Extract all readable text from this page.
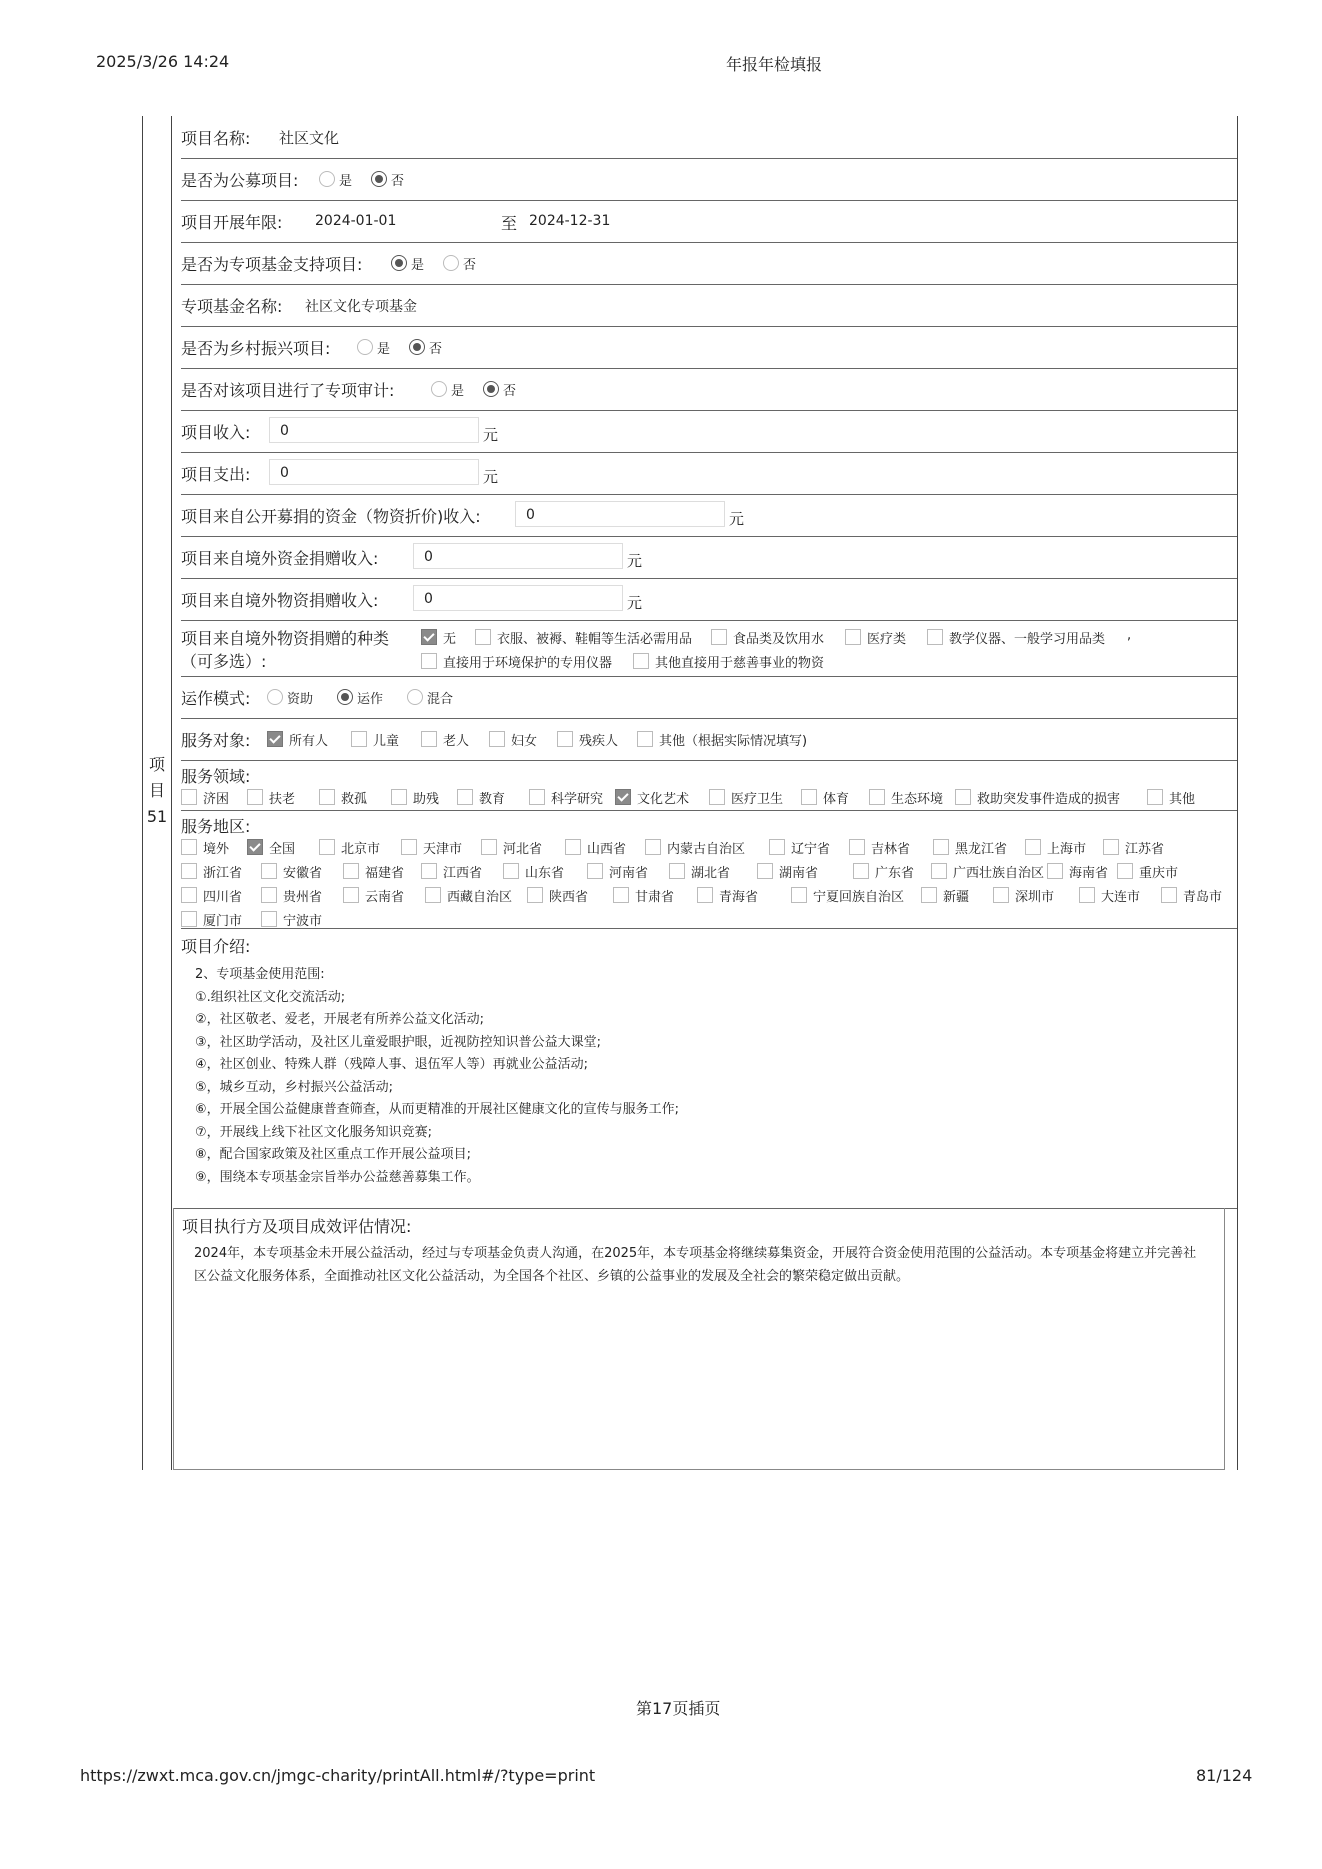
2025/3/26 14:24	年报年检填报
项
目
51
项目名称: 社区文化
是否为公募项目:	是	否
项目开展年限: 2024-01-01	至 2024-12-31
是否为专项基金支持项目:	是	否
专项基金名称: 社区文化专项基金
是否为乡村振兴项目:	是	否
是否对该项目进行了专项审计:	是	否
项目收入:	0	元
项目支出:	0	元
项目来自公开募捐的资金（物资折价)收入:	0	元
项目来自境外资金捐赠收入:	0	元
项目来自境外物资捐赠收入:	0	元
项目来自境外物资捐赠的种类
（可多选）:
无	衣服、被褥、鞋帽等生活必需用品	食品类及饮用水	医疗类	教学仪器、一般学习用品类 ,
直接用于环境保护的专用仪器	其他直接用于慈善事业的物资
运作模式:	资助	运作	混合
服务对象:	所有人	儿童	老人	妇女	残疾人	其他（根据实际情况填写)
服务领域:
济困	扶老	救孤	助残	教育	科学研究	文化艺术	医疗卫生	体育	生态环境	救助突发事件造成的损害	其他
服务地区:
境外	全国	北京市	天津市	河北省	山西省	内蒙古自治区	辽宁省	吉林省	黑龙江省	上海市	江苏省
浙江省	安徽省	福建省	江西省	山东省	河南省	湖北省	湖南省	广东省	广西壮族自治区	海南省	重庆市
四川省	贵州省	云南省	西藏自治区	陕西省	甘肃省	青海省	宁夏回族自治区	新疆	深圳市	大连市	青岛市
厦门市	宁波市
项目介绍:
2、专项基金使用范围:
①.组织社区文化交流活动;
②，社区敬老、爱老，开展老有所养公益文化活动;
③，社区助学活动，及社区儿童爱眼护眼，近视防控知识普公益大课堂;
④，社区创业、特殊人群（残障人事、退伍军人等）再就业公益活动;
⑤，城乡互动，乡村振兴公益活动;
⑥，开展全国公益健康普查筛查，从而更精准的开展社区健康文化的宣传与服务工作;
⑦，开展线上线下社区文化服务知识竞赛;
⑧，配合国家政策及社区重点工作开展公益项目;
⑨，围绕本专项基金宗旨举办公益慈善募集工作。
项目执行方及项目成效评估情况:
2024年，本专项基金未开展公益活动，经过与专项基金负责人沟通，在2025年，本专项基金将继续募集资金，开展符合资金使用范围的公益活动。本专项基金将建立并完善社区公益文化服务体系，全面推动社区文化公益活动，为全国各个社区、乡镇的公益事业的发展及全社会的繁荣稳定做出贡献。
第17页插页
https://zwxt.mca.gov.cn/jmgc-charity/printAll.html#/?type=print	81/124
